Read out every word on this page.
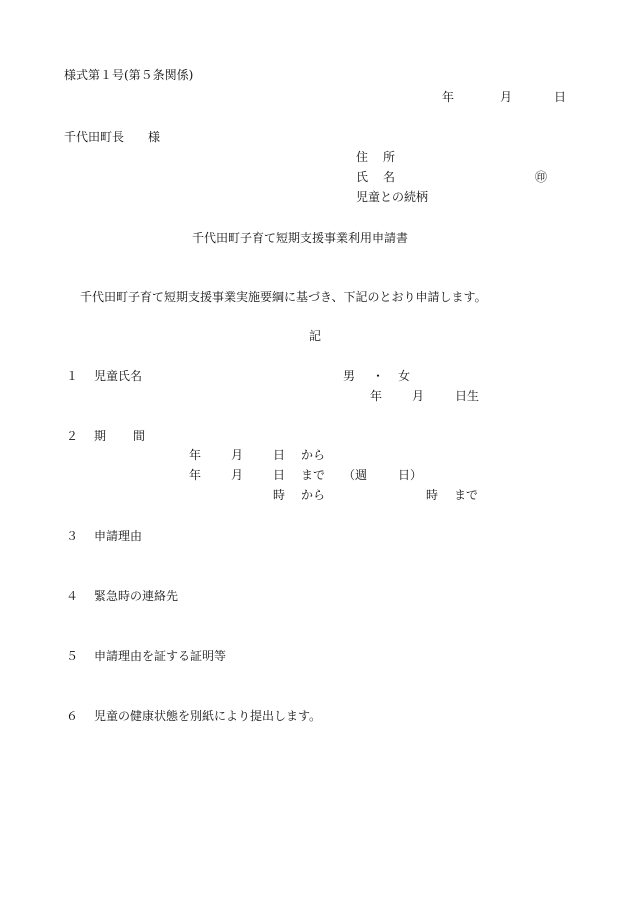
様式第１号(第５条関係)
年	月	日
千代田町長 様
住 所
氏 名	㊞
児童との続柄
千代田町子育て短期支援事業利用申請書
千代田町子育て短期支援事業実施要綱に基づき、下記のとおり申請します。
記
１ 児童氏名	男 ・ 女
年 月	日生
２ 期 間
年 月 日 から
年 月 日 まで （週	日）
時 から	時 まで
３ 申請理由
４ 緊急時の連絡先
５ 申請理由を証する証明等
６ 児童の健康状態を別紙により提出します。
